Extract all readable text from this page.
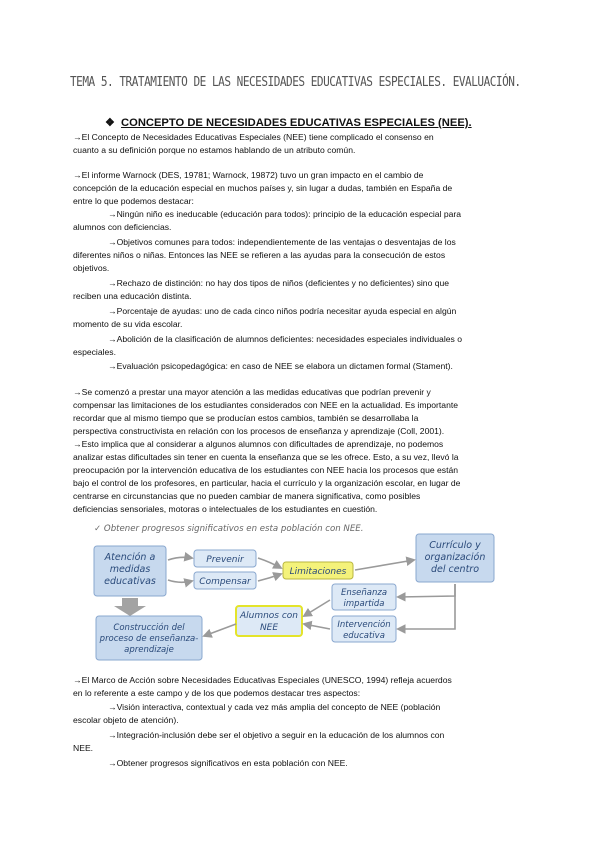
TEMA 5. TRATAMIENTO DE LAS NECESIDADES EDUCATIVAS ESPECIALES. EVALUACIÓN.
❖ CONCEPTO DE NECESIDADES EDUCATIVAS ESPECIALES (NEE).
→El Concepto de Necesidades Educativas Especiales (NEE) tiene complicado el consenso en
cuanto a su definición porque no estamos hablando de un atributo común.
→El informe Warnock (DES, 19781; Warnock, 19872) tuvo un gran impacto en el cambio de
concepción de la educación especial en muchos países y, sin lugar a dudas, también en España de
entre lo que podemos destacar:
→Ningún niño es ineducable (educación para todos): principio de la educación especial para
alumnos con deficiencias.
→Objetivos comunes para todos: independientemente de las ventajas o desventajas de los
diferentes niños o niñas. Entonces las NEE se refieren a las ayudas para la consecución de estos
objetivos.
→Rechazo de distinción: no hay dos tipos de niños (deficientes y no deficientes) sino que
reciben una educación distinta.
→Porcentaje de ayudas: uno de cada cinco niños podría necesitar ayuda especial en algún
momento de su vida escolar.
→Abolición de la clasificación de alumnos deficientes: necesidades especiales individuales o
especiales.
→Evaluación psicopedagógica: en caso de NEE se elabora un dictamen formal (Stament).
→Se comenzó a prestar una mayor atención a las medidas educativas que podrían prevenir y
compensar las limitaciones de los estudiantes considerados con NEE en la actualidad. Es importante
recordar que al mismo tiempo que se producían estos cambios, también se desarrollaba la
perspectiva constructivista en relación con los procesos de enseñanza y aprendizaje (Coll, 2001).
→Esto implica que al considerar a algunos alumnos con dificultades de aprendizaje, no podemos
analizar estas dificultades sin tener en cuenta la enseñanza que se les ofrece. Esto, a su vez, llevó la
preocupación por la intervención educativa de los estudiantes con NEE hacia los procesos que están
bajo el control de los profesores, en particular, hacia el currículo y la organización escolar, en lugar de
centrarse en circunstancias que no pueden cambiar de manera significativa, como posibles
deficiencias sensoriales, motoras o intelectuales de los estudiantes en cuestión.
✓ Obtener progresos significativos en esta población con NEE.
Atención a
medidas
educativas
Prevenir
Compensar
Limitaciones
Currículo y
organización
del centro
Enseñanza
impartida
Intervención
educativa
Alumnos con
NEE
Construcción del
proceso de enseñanza-
aprendizaje
→El Marco de Acción sobre Necesidades Educativas Especiales (UNESCO, 1994) refleja acuerdos
en lo referente a este campo y de los que podemos destacar tres aspectos:
→Visión interactiva, contextual y cada vez más amplia del concepto de NEE (población
escolar objeto de atención).
→Integración-inclusión debe ser el objetivo a seguir en la educación de los alumnos con
NEE.
→Obtener progresos significativos en esta población con NEE.
